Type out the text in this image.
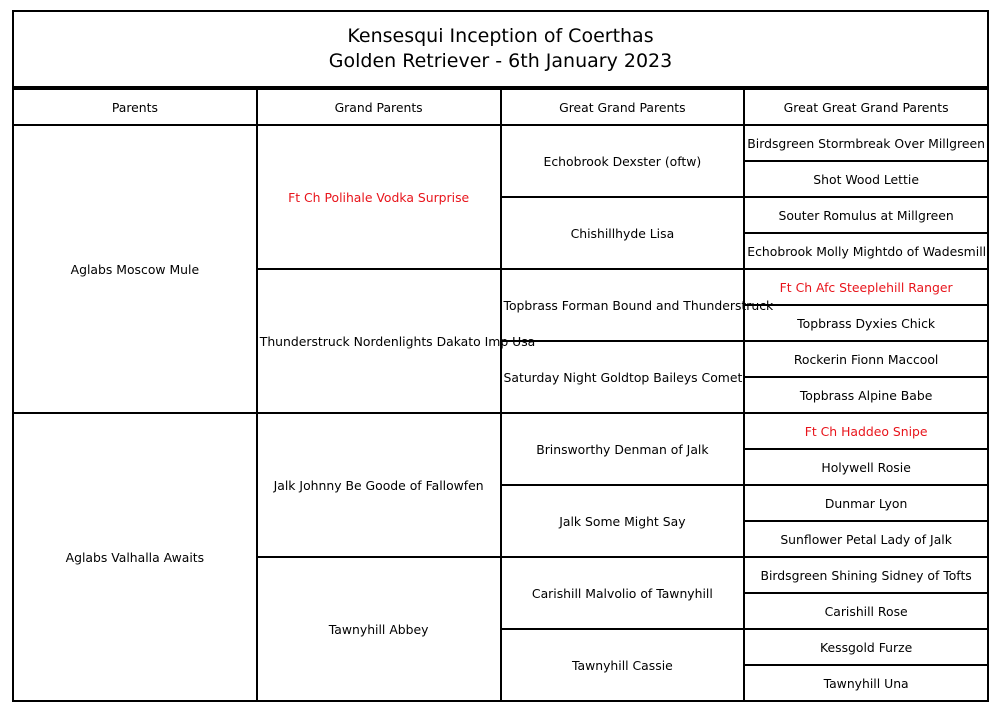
Kensesqui Inception of Coerthas
Golden Retriever - 6th January 2023
Parents	Grand Parents	Great Grand Parents	Great Great Grand Parents
Aglabs Moscow Mule	Ft Ch Polihale Vodka Surprise	Echobrook Dexster (oftw)	Birdsgreen Stormbreak Over Millgreen
			Shot Wood Lettie
		Chishillhyde Lisa	Souter Romulus at Millgreen
			Echobrook Molly Mightdo of Wadesmill
	Thunderstruck Nordenlights Dakato Imp Usa	Topbrass Forman Bound and Thunderstruck	Ft Ch Afc Steeplehill Ranger
			Topbrass Dyxies Chick
		Saturday Night Goldtop Baileys Comet	Rockerin Fionn Maccool
			Topbrass Alpine Babe
Aglabs Valhalla Awaits	Jalk Johnny Be Goode of Fallowfen	Brinsworthy Denman of Jalk	Ft Ch Haddeo Snipe
			Holywell Rosie
		Jalk Some Might Say	Dunmar Lyon
			Sunflower Petal Lady of Jalk
	Tawnyhill Abbey	Carishill Malvolio of Tawnyhill	Birdsgreen Shining Sidney of Tofts
			Carishill Rose
		Tawnyhill Cassie	Kessgold Furze
			Tawnyhill Una
